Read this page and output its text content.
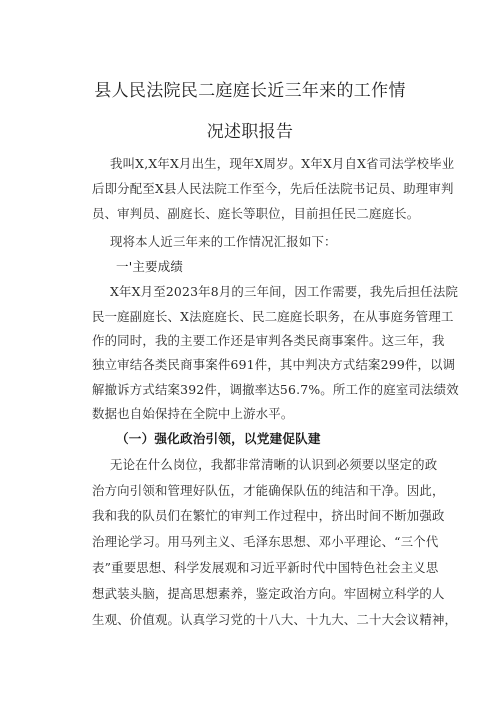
县人民法院民二庭庭长近三年来的工作情
况述职报告
我叫X,X年X月出生，现年X周岁。X年X月自X省司法学校毕业
后即分配至X县人民法院工作至今，先后任法院书记员、助理审判
员、审判员、副庭长、庭长等职位，目前担任民二庭庭长。
现将本人近三年来的工作情况汇报如下：
一'主要成绩
X年X月至2023年8月的三年间，因工作需要，我先后担任法院
民一庭副庭长、X法庭庭长、民二庭庭长职务，在从事庭务管理工
作的同时，我的主要工作还是审判各类民商事案件。这三年，我
独立审结各类民商事案件691件，其中判决方式结案299件，以调
解撤诉方式结案392件，调撤率达56.7%。所工作的庭室司法绩效
数据也自始保持在全院中上游水平。
（一）强化政治引领，以党建促队建
无论在什么岗位，我都非常清晰的认识到必须要以坚定的政
治方向引领和管理好队伍，才能确保队伍的纯洁和干净。因此，
我和我的队员们在繁忙的审判工作过程中，挤出时间不断加强政
治理论学习。用马列主义、毛泽东思想、邓小平理论、“三个代
表”重要思想、科学发展观和习近平新时代中国特色社会主义思
想武装头脑，提高思想素养，鉴定政治方向。牢固树立科学的人
生观、价值观。认真学习党的十八大、十九大、二十大会议精神，
